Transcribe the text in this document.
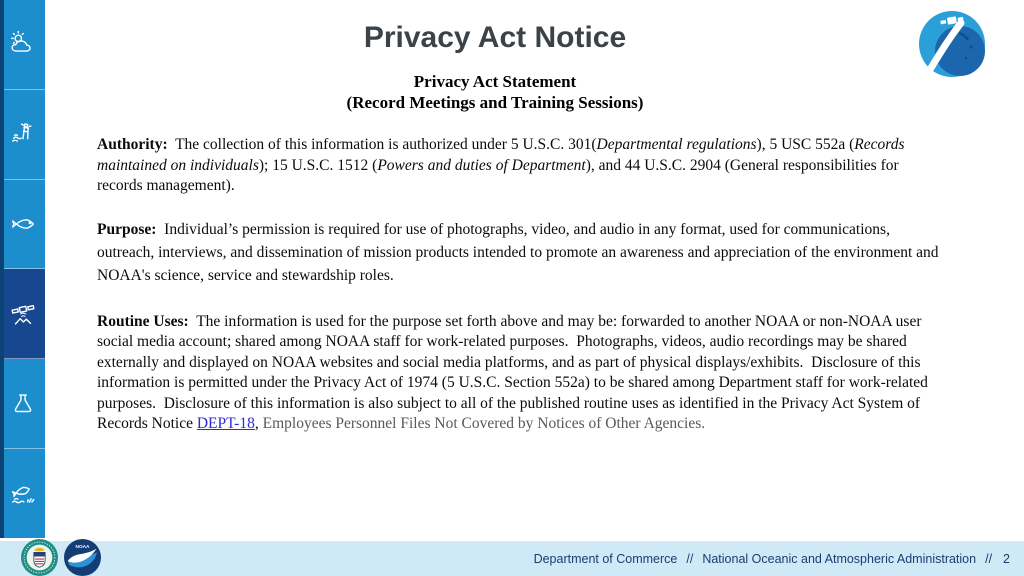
Privacy Act Notice
Privacy Act Statement
(Record Meetings and Training Sessions)

Authority:  The collection of this information is authorized under 5 U.S.C. 301(Departmental regulations), 5 USC 552a (Records maintained on individuals); 15 U.S.C. 1512 (Powers and duties of Department), and 44 U.S.C. 2904 (General responsibilities for records management).

Purpose:  Individual’s permission is required for use of photographs, video, and audio in any format, used for communications, outreach, interviews, and dissemination of mission products intended to promote an awareness and appreciation of the environment and NOAA's science, service and stewardship roles.

Routine Uses:  The information is used for the purpose set forth above and may be: forwarded to another NOAA or non-NOAA user social media account; shared among NOAA staff for work-related purposes.  Photographs, videos, audio recordings may be shared externally and displayed on NOAA websites and social media platforms, and as part of physical displays/exhibits.  Disclosure of this information is permitted under the Privacy Act of 1974 (5 U.S.C. Section 552a) to be shared among Department staff for work-related purposes.  Disclosure of this information is also subject to all of the published routine uses as identified in the Privacy Act System of Records Notice DEPT-18, Employees Personnel Files Not Covered by Notices of Other Agencies.

Department of Commerce // National Oceanic and Atmospheric Administration // 2
NOAA
